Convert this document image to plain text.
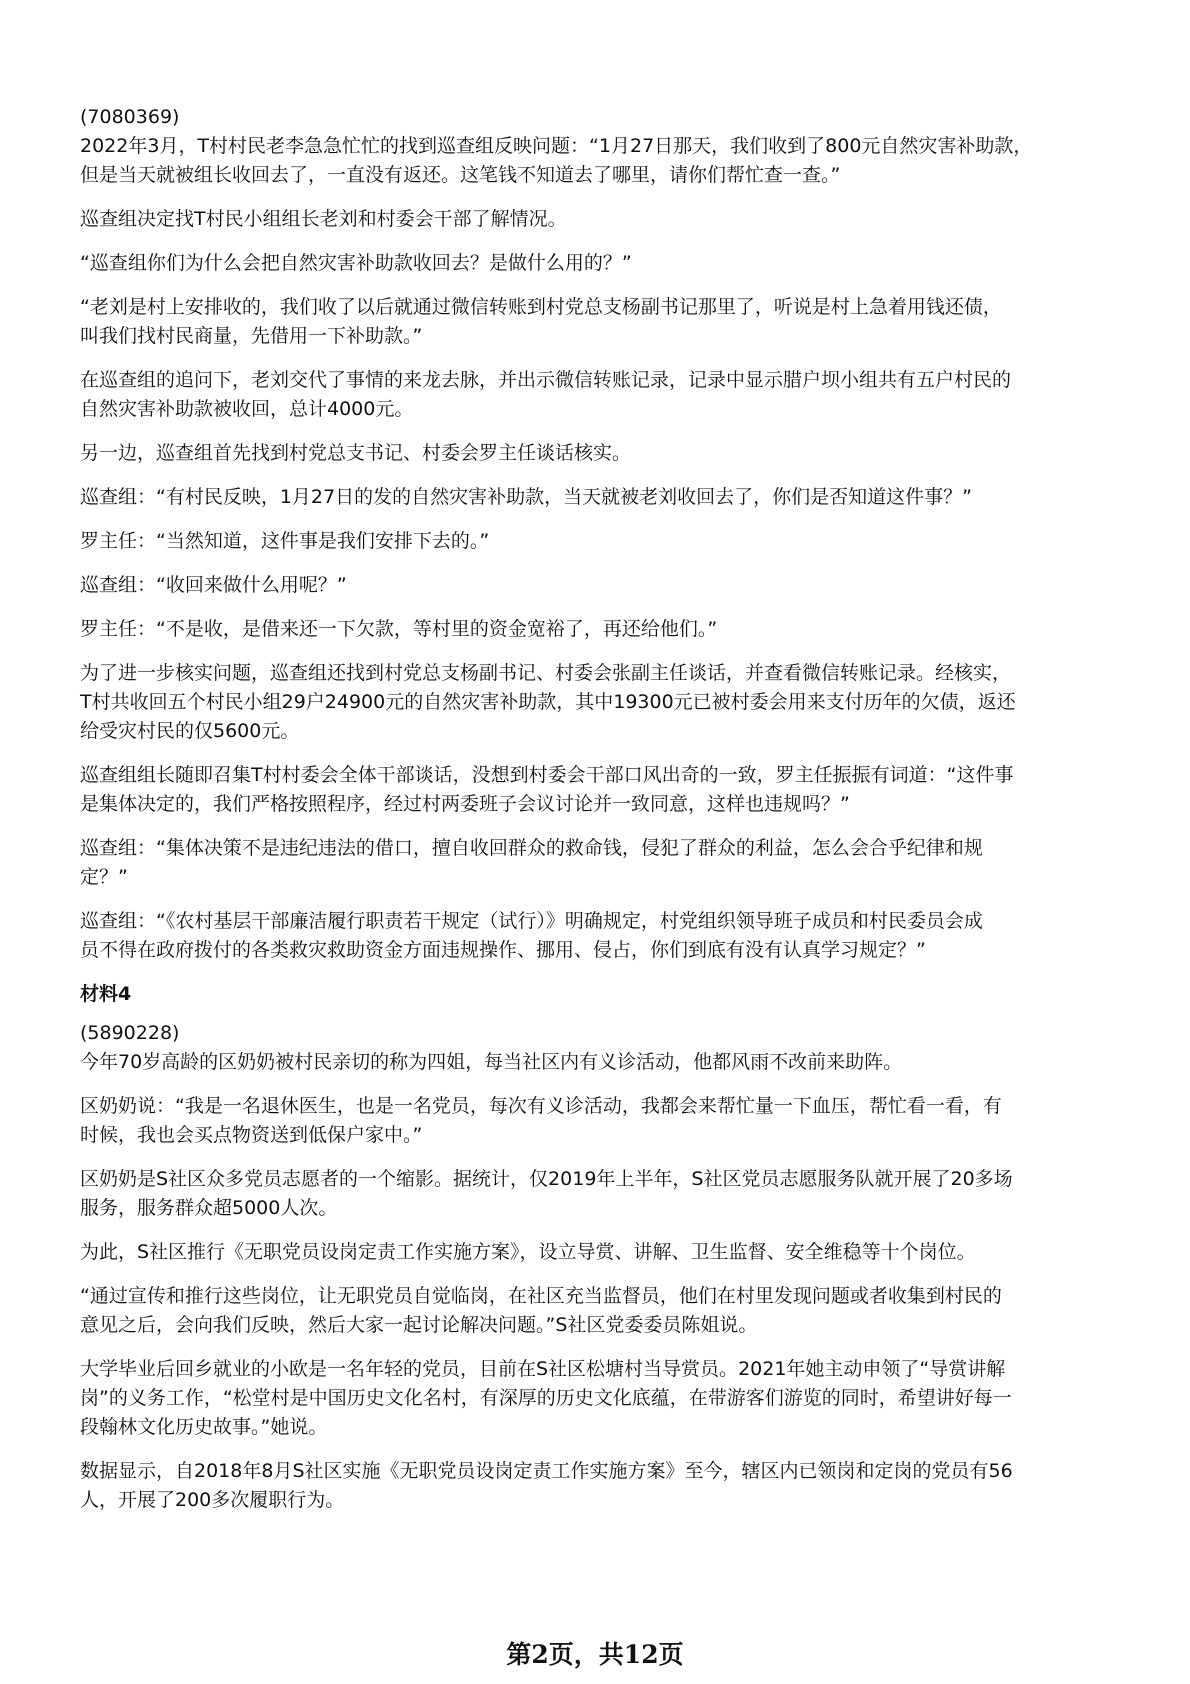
(7080369)
2022年3月，T村村民老李急急忙忙的找到巡查组反映问题：“1月27日那天，我们收到了800元自然灾害补助款，
但是当天就被组长收回去了，一直没有返还。这笔钱不知道去了哪里，请你们帮忙查一查。”
巡查组决定找T村民小组组长老刘和村委会干部了解情况。
“巡查组你们为什么会把自然灾害补助款收回去？是做什么用的？”
“老刘是村上安排收的，我们收了以后就通过微信转账到村党总支杨副书记那里了，听说是村上急着用钱还债，
叫我们找村民商量，先借用一下补助款。”
在巡查组的追问下，老刘交代了事情的来龙去脉，并出示微信转账记录，记录中显示腊户坝小组共有五户村民的
自然灾害补助款被收回，总计4000元。
另一边，巡查组首先找到村党总支书记、村委会罗主任谈话核实。
巡查组：“有村民反映，1月27日的发的自然灾害补助款，当天就被老刘收回去了，你们是否知道这件事？”
罗主任：“当然知道，这件事是我们安排下去的。”
巡查组：“收回来做什么用呢？”
罗主任：“不是收，是借来还一下欠款，等村里的资金宽裕了，再还给他们。”
为了进一步核实问题，巡查组还找到村党总支杨副书记、村委会张副主任谈话，并查看微信转账记录。经核实，
T村共收回五个村民小组29户24900元的自然灾害补助款，其中19300元已被村委会用来支付历年的欠债，返还
给受灾村民的仅5600元。
巡查组组长随即召集T村村委会全体干部谈话，没想到村委会干部口风出奇的一致，罗主任振振有词道：“这件事
是集体决定的，我们严格按照程序，经过村两委班子会议讨论并一致同意，这样也违规吗？”
巡查组：“集体决策不是违纪违法的借口，擅自收回群众的救命钱，侵犯了群众的利益，怎么会合乎纪律和规
定？”
巡查组：“《农村基层干部廉洁履行职责若干规定（试行）》明确规定，村党组织领导班子成员和村民委员会成
员不得在政府拨付的各类救灾救助资金方面违规操作、挪用、侵占，你们到底有没有认真学习规定？”
材料4
(5890228)
今年70岁高龄的区奶奶被村民亲切的称为四姐，每当社区内有义诊活动，他都风雨不改前来助阵。
区奶奶说：“我是一名退休医生，也是一名党员，每次有义诊活动，我都会来帮忙量一下血压，帮忙看一看，有
时候，我也会买点物资送到低保户家中。”
区奶奶是S社区众多党员志愿者的一个缩影。据统计，仅2019年上半年，S社区党员志愿服务队就开展了20多场
服务，服务群众超5000人次。
为此，S社区推行《无职党员设岗定责工作实施方案》，设立导赏、讲解、卫生监督、安全维稳等十个岗位。
“通过宣传和推行这些岗位，让无职党员自觉临岗，在社区充当监督员，他们在村里发现问题或者收集到村民的
意见之后，会向我们反映，然后大家一起讨论解决问题。”S社区党委委员陈姐说。
大学毕业后回乡就业的小欧是一名年轻的党员，目前在S社区松塘村当导赏员。2021年她主动申领了“导赏讲解
岗”的义务工作，“松堂村是中国历史文化名村，有深厚的历史文化底蕴，在带游客们游览的同时，希望讲好每一
段翰林文化历史故事。”她说。
数据显示，自2018年8月S社区实施《无职党员设岗定责工作实施方案》至今，辖区内已领岗和定岗的党员有56
人，开展了200多次履职行为。
第2页，共12页
